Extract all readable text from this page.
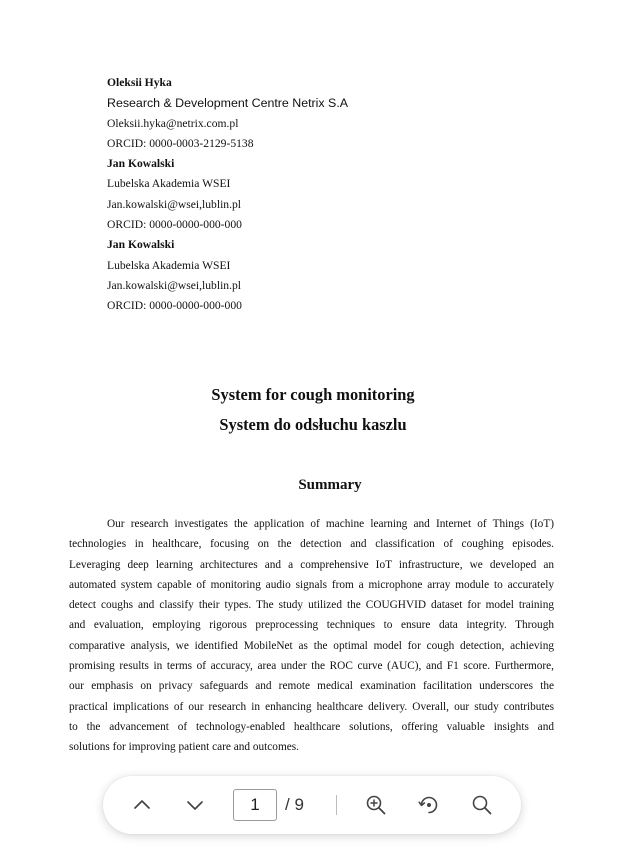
Oleksii Hyka
Research & Development Centre Netrix S.A
Oleksii.hyka@netrix.com.pl
ORCID: 0000-0003-2129-5138
Jan Kowalski
Lubelska Akademia WSEI
Jan.kowalski@wsei,lublin.pl
ORCID: 0000-0000-000-000
Jan Kowalski
Lubelska Akademia WSEI
Jan.kowalski@wsei,lublin.pl
ORCID: 0000-0000-000-000
System for cough monitoring
System do odsłuchu kaszlu
Summary
Our research investigates the application of machine learning and Internet of Things (IoT)
technologies in healthcare, focusing on the detection and classification of coughing episodes.
Leveraging deep learning architectures and a comprehensive IoT infrastructure, we developed an
automated system capable of monitoring audio signals from a microphone array module to accurately
detect coughs and classify their types. The study utilized the COUGHVID dataset for model training
and evaluation, employing rigorous preprocessing techniques to ensure data integrity. Through
comparative analysis, we identified MobileNet as the optimal model for cough detection, achieving
promising results in terms of accuracy, area under the ROC curve (AUC), and F1 score. Furthermore,
our emphasis on privacy safeguards and remote medical examination facilitation underscores the
practical implications of our research in enhancing healthcare delivery. Overall, our study contributes
to the advancement of technology-enabled healthcare solutions, offering valuable insights and
solutions for improving patient care and outcomes.
1	/ 9
